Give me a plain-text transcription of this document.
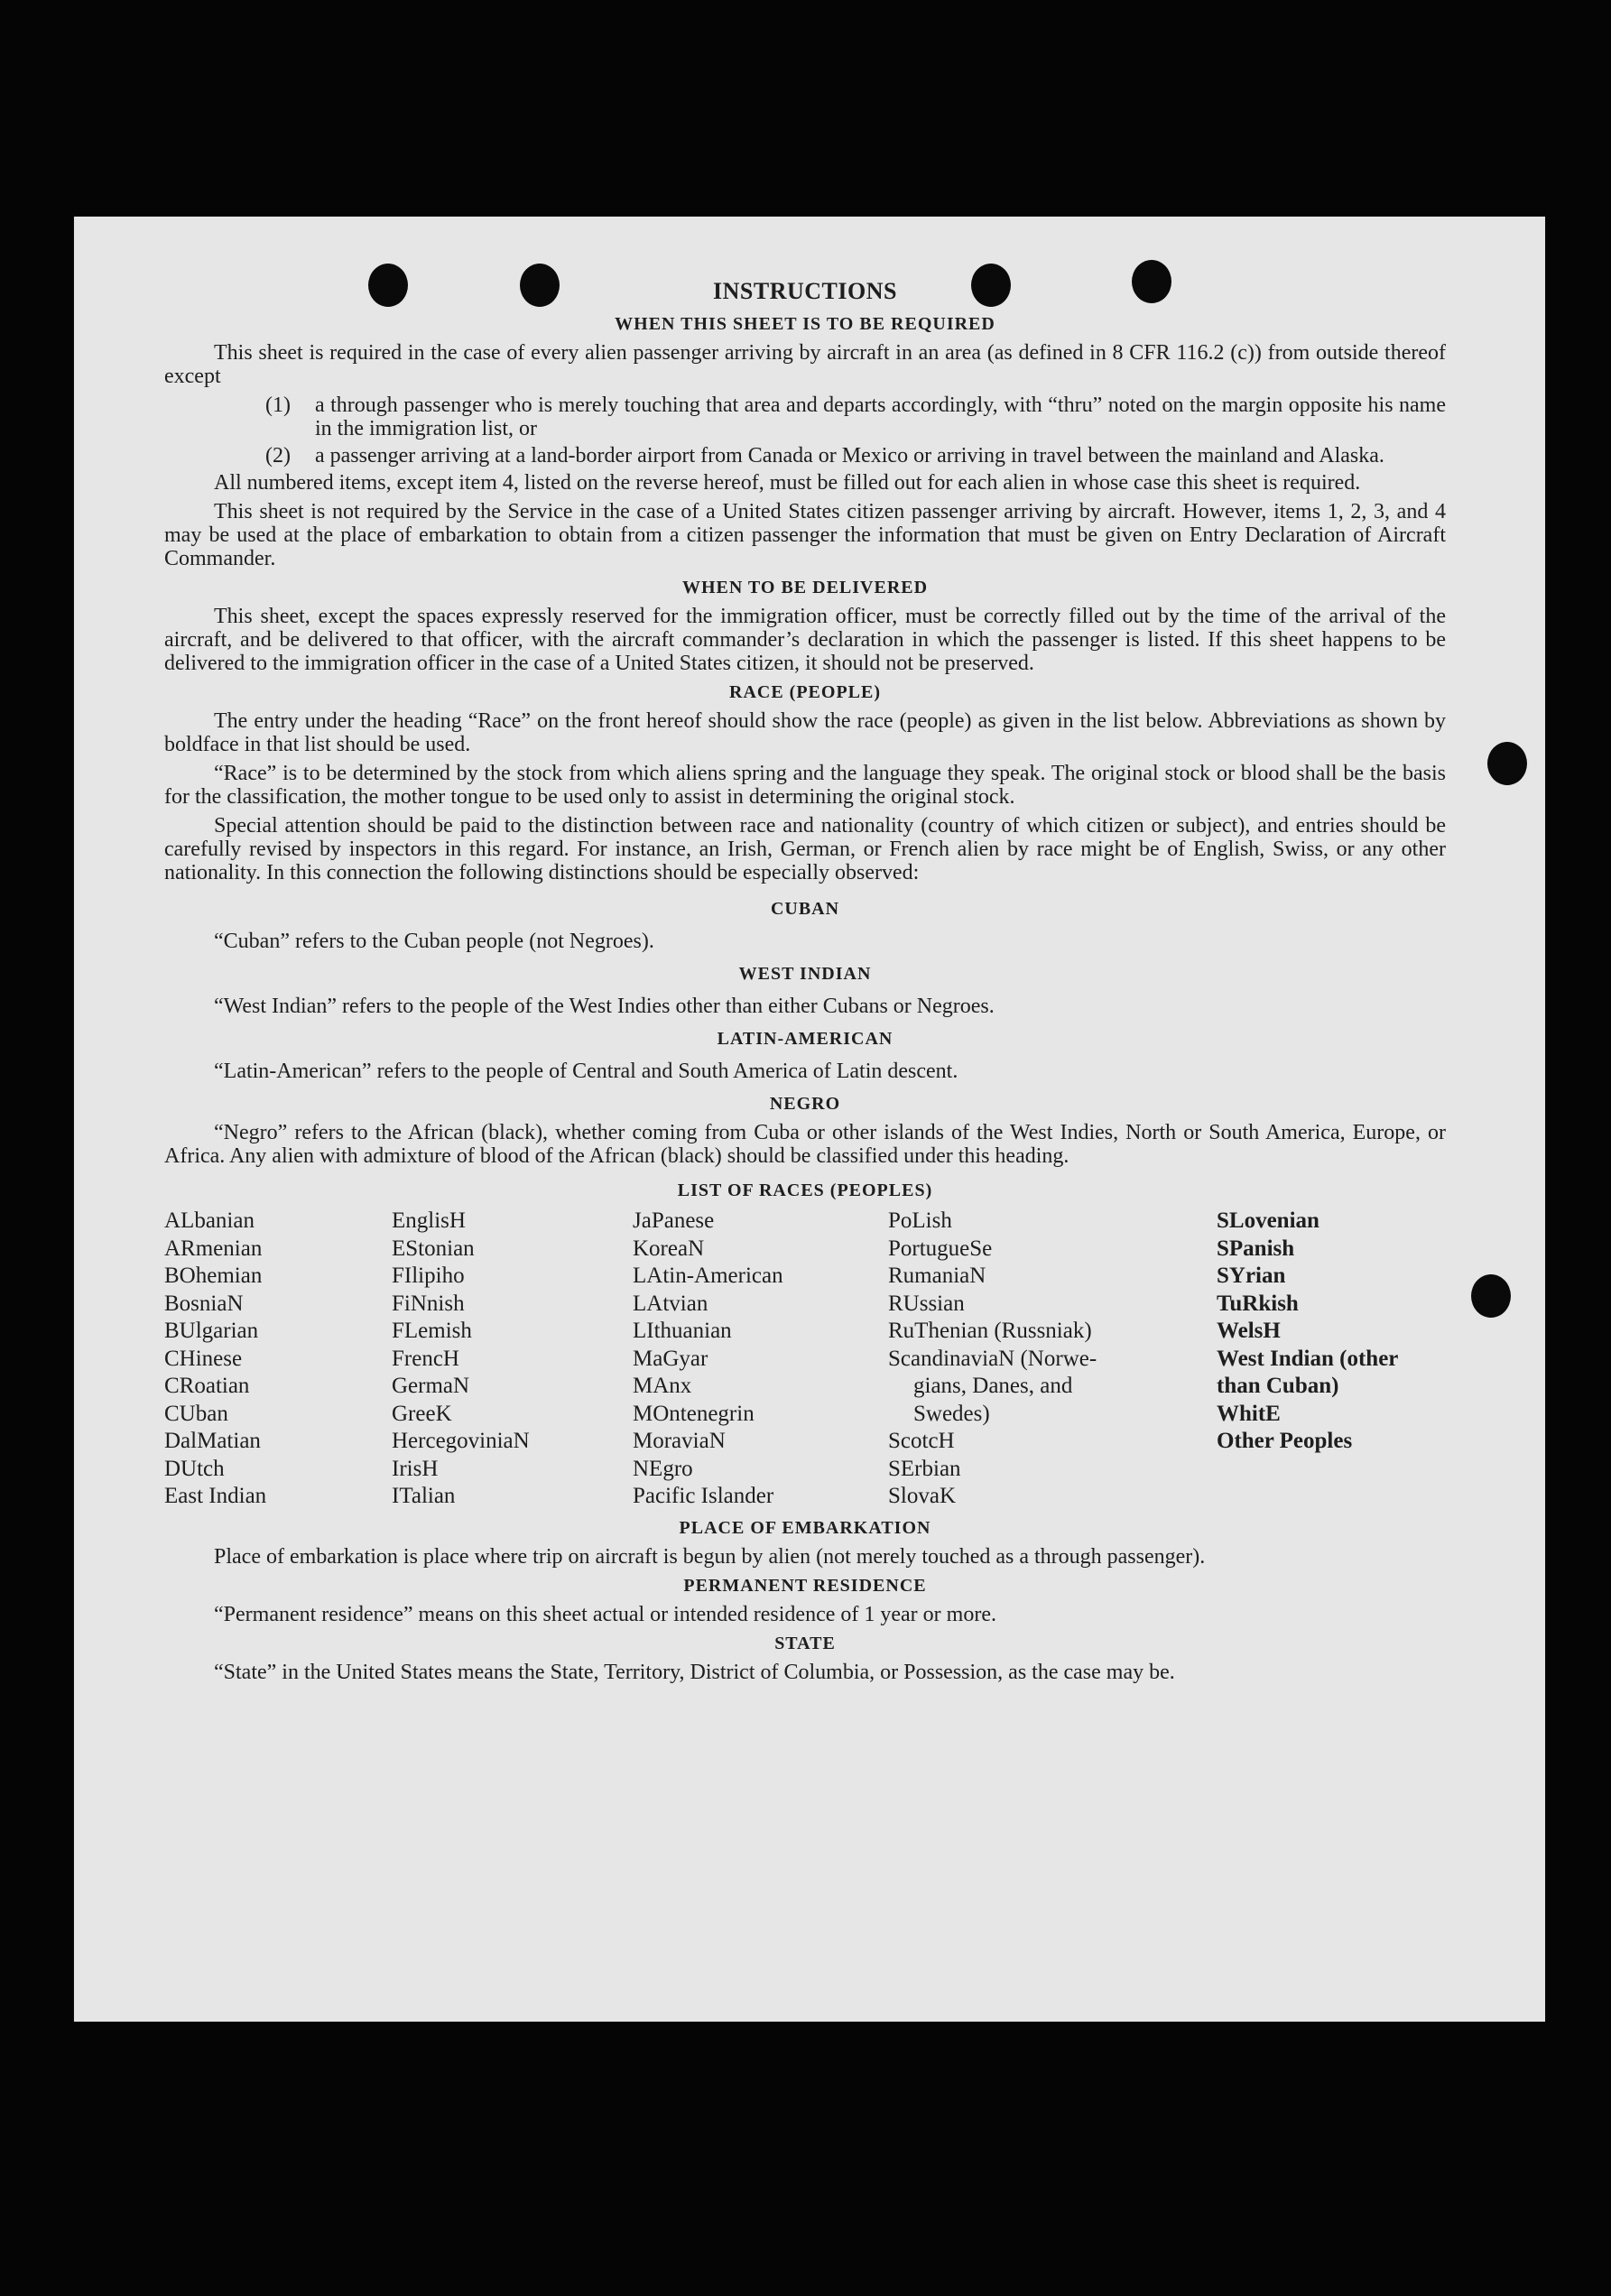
INSTRUCTIONS
WHEN THIS SHEET IS TO BE REQUIRED

This sheet is required in the case of every alien passenger arriving by aircraft in an area (as defined in 8 CFR 116.2 (c)) from outside thereof except

(1)	a through passenger who is merely touching that area and departs accordingly, with “thru” noted on the margin opposite his name in the immigration list, or
(2)	a passenger arriving at a land-border airport from Canada or Mexico or arriving in travel between the mainland and Alaska.

All numbered items, except item 4, listed on the reverse hereof, must be filled out for each alien in whose case this sheet is required.

This sheet is not required by the Service in the case of a United States citizen passenger arriving by aircraft. However, items 1, 2, 3, and 4 may be used at the place of embarkation to obtain from a citizen passenger the information that must be given on Entry Declaration of Aircraft Commander.

WHEN TO BE DELIVERED

This sheet, except the spaces expressly reserved for the immigration officer, must be correctly filled out by the time of the arrival of the aircraft, and be delivered to that officer, with the aircraft commander’s declaration in which the passenger is listed. If this sheet happens to be delivered to the immigration officer in the case of a United States citizen, it should not be preserved.

RACE (PEOPLE)

The entry under the heading “Race” on the front hereof should show the race (people) as given in the list below. Abbreviations as shown by boldface in that list should be used.

“Race” is to be determined by the stock from which aliens spring and the language they speak. The original stock or blood shall be the basis for the classification, the mother tongue to be used only to assist in determining the original stock.

Special attention should be paid to the distinction between race and nationality (country of which citizen or subject), and entries should be carefully revised by inspectors in this regard. For instance, an Irish, German, or French alien by race might be of English, Swiss, or any other nationality. In this connection the following distinctions should be especially observed:

CUBAN

“Cuban” refers to the Cuban people (not Negroes).

WEST INDIAN

“West Indian” refers to the people of the West Indies other than either Cubans or Negroes.

LATIN-AMERICAN

“Latin-American” refers to the people of Central and South America of Latin descent.

NEGRO

“Negro” refers to the African (black), whether coming from Cuba or other islands of the West Indies, North or South America, Europe, or Africa. Any alien with admixture of blood of the African (black) should be classified under this heading.

LIST OF RACES (PEOPLES)
ALbanian
ARmenian
BOhemian
BosniaN
BUlgarian
CHinese
CRoatian
CUban
DalMatian
DUtch
East Indian
EnglisH
EStonian
FIlipiho
FiNnish
FLemish
FrencH
GermaN
GreeK
HercegoviniaN
IrisH
ITalian
JaPanese
KoreaN
LAtin-American
LAtvian
LIthuanian
MaGyar
MAnx
MOntenegrin
MoraviaN
NEgro
Pacific Islander
PoLish
PortugueSe
RumaniaN
RUssian
RuThenian (Russniak)
ScandinaviaN (Norwe-
gians, Danes, and
Swedes)
ScotcH
SErbian
SlovaK
SLovenian
SPanish
SYrian
TuRkish
WelsH
West Indian (other
than Cuban)
WhitE
Other Peoples
PLACE OF EMBARKATION

Place of embarkation is place where trip on aircraft is begun by alien (not merely touched as a through passenger).

PERMANENT RESIDENCE

“Permanent residence” means on this sheet actual or intended residence of 1 year or more.

STATE

“State” in the United States means the State, Territory, District of Columbia, or Possession, as the case may be.
